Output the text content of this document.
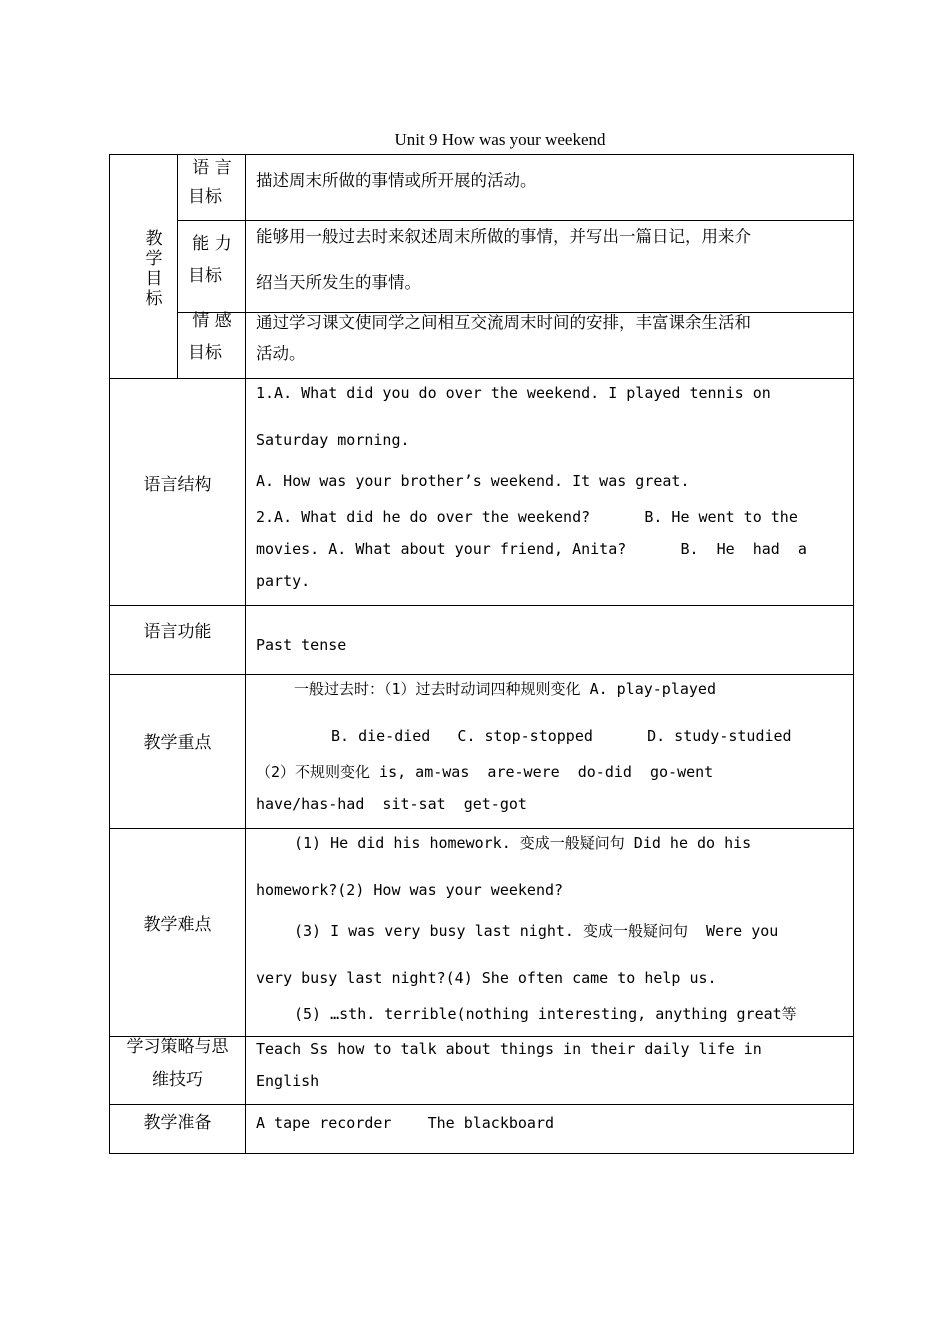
Unit 9 How was your weekend
教学目标
语 言
目标
描述周末所做的事情或所开展的活动。
能 力
目标
能够用一般过去时来叙述周末所做的事情，并写出一篇日记，用来介
绍当天所发生的事情。
情 感
目标
通过学习课文使同学之间相互交流周末时间的安排，丰富课余生活和
活动。
语言结构
1.A. What did you do over the weekend. I played tennis on
Saturday morning.
A. How was your brother’s weekend. It was great.
2.A. What did he do over the weekend?      B. He went to the
movies. A. What about your friend, Anita?      B.  He  had  a
party.
语言功能
Past tense
教学重点
一般过去时：（1）过去时动词四种规则变化 A. play-played
B. die-died   C. stop-stopped      D. study-studied
（2）不规则变化 is, am-was  are-were  do-did  go-went
have/has-had  sit-sat  get-got
教学难点
(1) He did his homework. 变成一般疑问句 Did he do his
homework?(2) How was your weekend?
(3) I was very busy last night. 变成一般疑问句  Were you
very busy last night?(4) She often came to help us.
(5) …sth. terrible(nothing interesting, anything great等
学习策略与思
维技巧
Teach Ss how to talk about things in their daily life in
English
教学准备	A tape recorder    The blackboard
